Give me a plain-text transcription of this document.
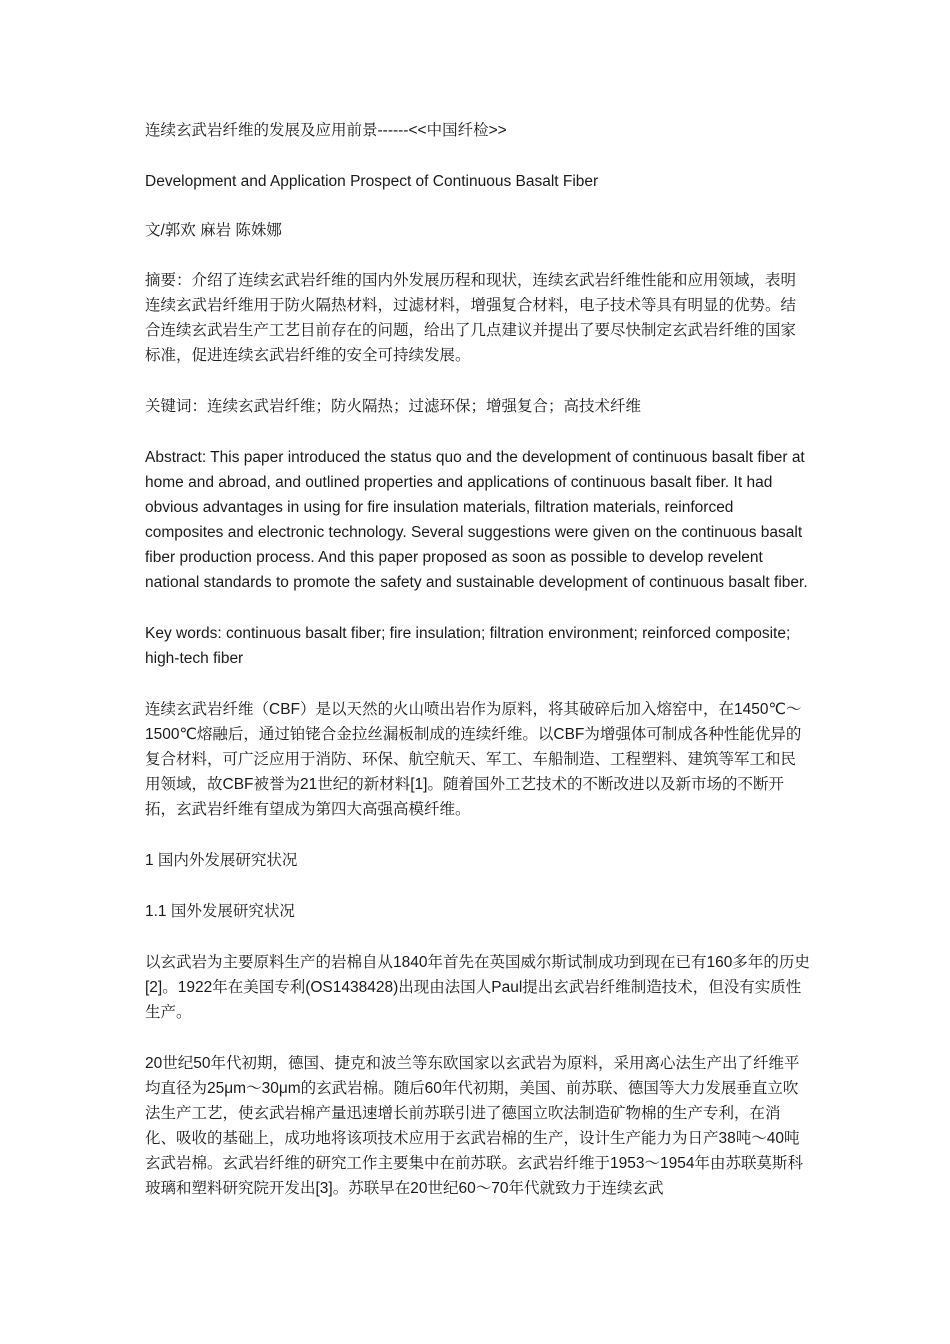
连续玄武岩纤维的发展及应用前景------<<中国纤检>>

Development and Application Prospect of Continuous Basalt Fiber

文/郭欢 麻岩 陈姝娜

摘要：介绍了连续玄武岩纤维的国内外发展历程和现状，连续玄武岩纤维性能和应用领域，表明连续玄武岩纤维用于防火隔热材料，过滤材料，增强复合材料，电子技术等具有明显的优势。结合连续玄武岩生产工艺目前存在的问题，给出了几点建议并提出了要尽快制定玄武岩纤维的国家标准，促进连续玄武岩纤维的安全可持续发展。

关键词：连续玄武岩纤维；防火隔热；过滤环保；增强复合；高技术纤维

Abstract: This paper introduced the status quo and the development of continuous basalt fiber at home and abroad, and outlined properties and applications of continuous basalt fiber. It had obvious advantages in using for fire insulation materials, filtration materials, reinforced composites and electronic technology. Several suggestions were given on the continuous basalt fiber production process. And this paper proposed as soon as possible to develop revelent national standards to promote the safety and sustainable development of continuous basalt fiber.

Key words: continuous basalt fiber; fire insulation; filtration environment; reinforced composite; high-tech fiber

连续玄武岩纤维（CBF）是以天然的火山喷出岩作为原料，将其破碎后加入熔窑中，在1450℃～1500℃熔融后，通过铂铑合金拉丝漏板制成的连续纤维。以CBF为增强体可制成各种性能优异的复合材料，可广泛应用于消防、环保、航空航天、军工、车船制造、工程塑料、建筑等军工和民用领域，故CBF被誉为21世纪的新材料[1]。随着国外工艺技术的不断改进以及新市场的不断开拓，玄武岩纤维有望成为第四大高强高模纤维。

1 国内外发展研究状况

1.1 国外发展研究状况

以玄武岩为主要原料生产的岩棉自从1840年首先在英国威尔斯试制成功到现在已有160多年的历史[2]。1922年在美国专利(OS1438428)出现由法国人Paul提出玄武岩纤维制造技术，但没有实质性生产。

20世纪50年代初期，德国、捷克和波兰等东欧国家以玄武岩为原料，采用离心法生产出了纤维平均直径为25μm～30μm的玄武岩棉。随后60年代初期，美国、前苏联、德国等大力发展垂直立吹法生产工艺，使玄武岩棉产量迅速增长前苏联引进了德国立吹法制造矿物棉的生产专利，在消化、吸收的基础上，成功地将该项技术应用于玄武岩棉的生产，设计生产能力为日产38吨～40吨玄武岩棉。玄武岩纤维的研究工作主要集中在前苏联。玄武岩纤维于1953～1954年由苏联莫斯科玻璃和塑料研究院开发出[3]。苏联早在20世纪60～70年代就致力于连续玄武
